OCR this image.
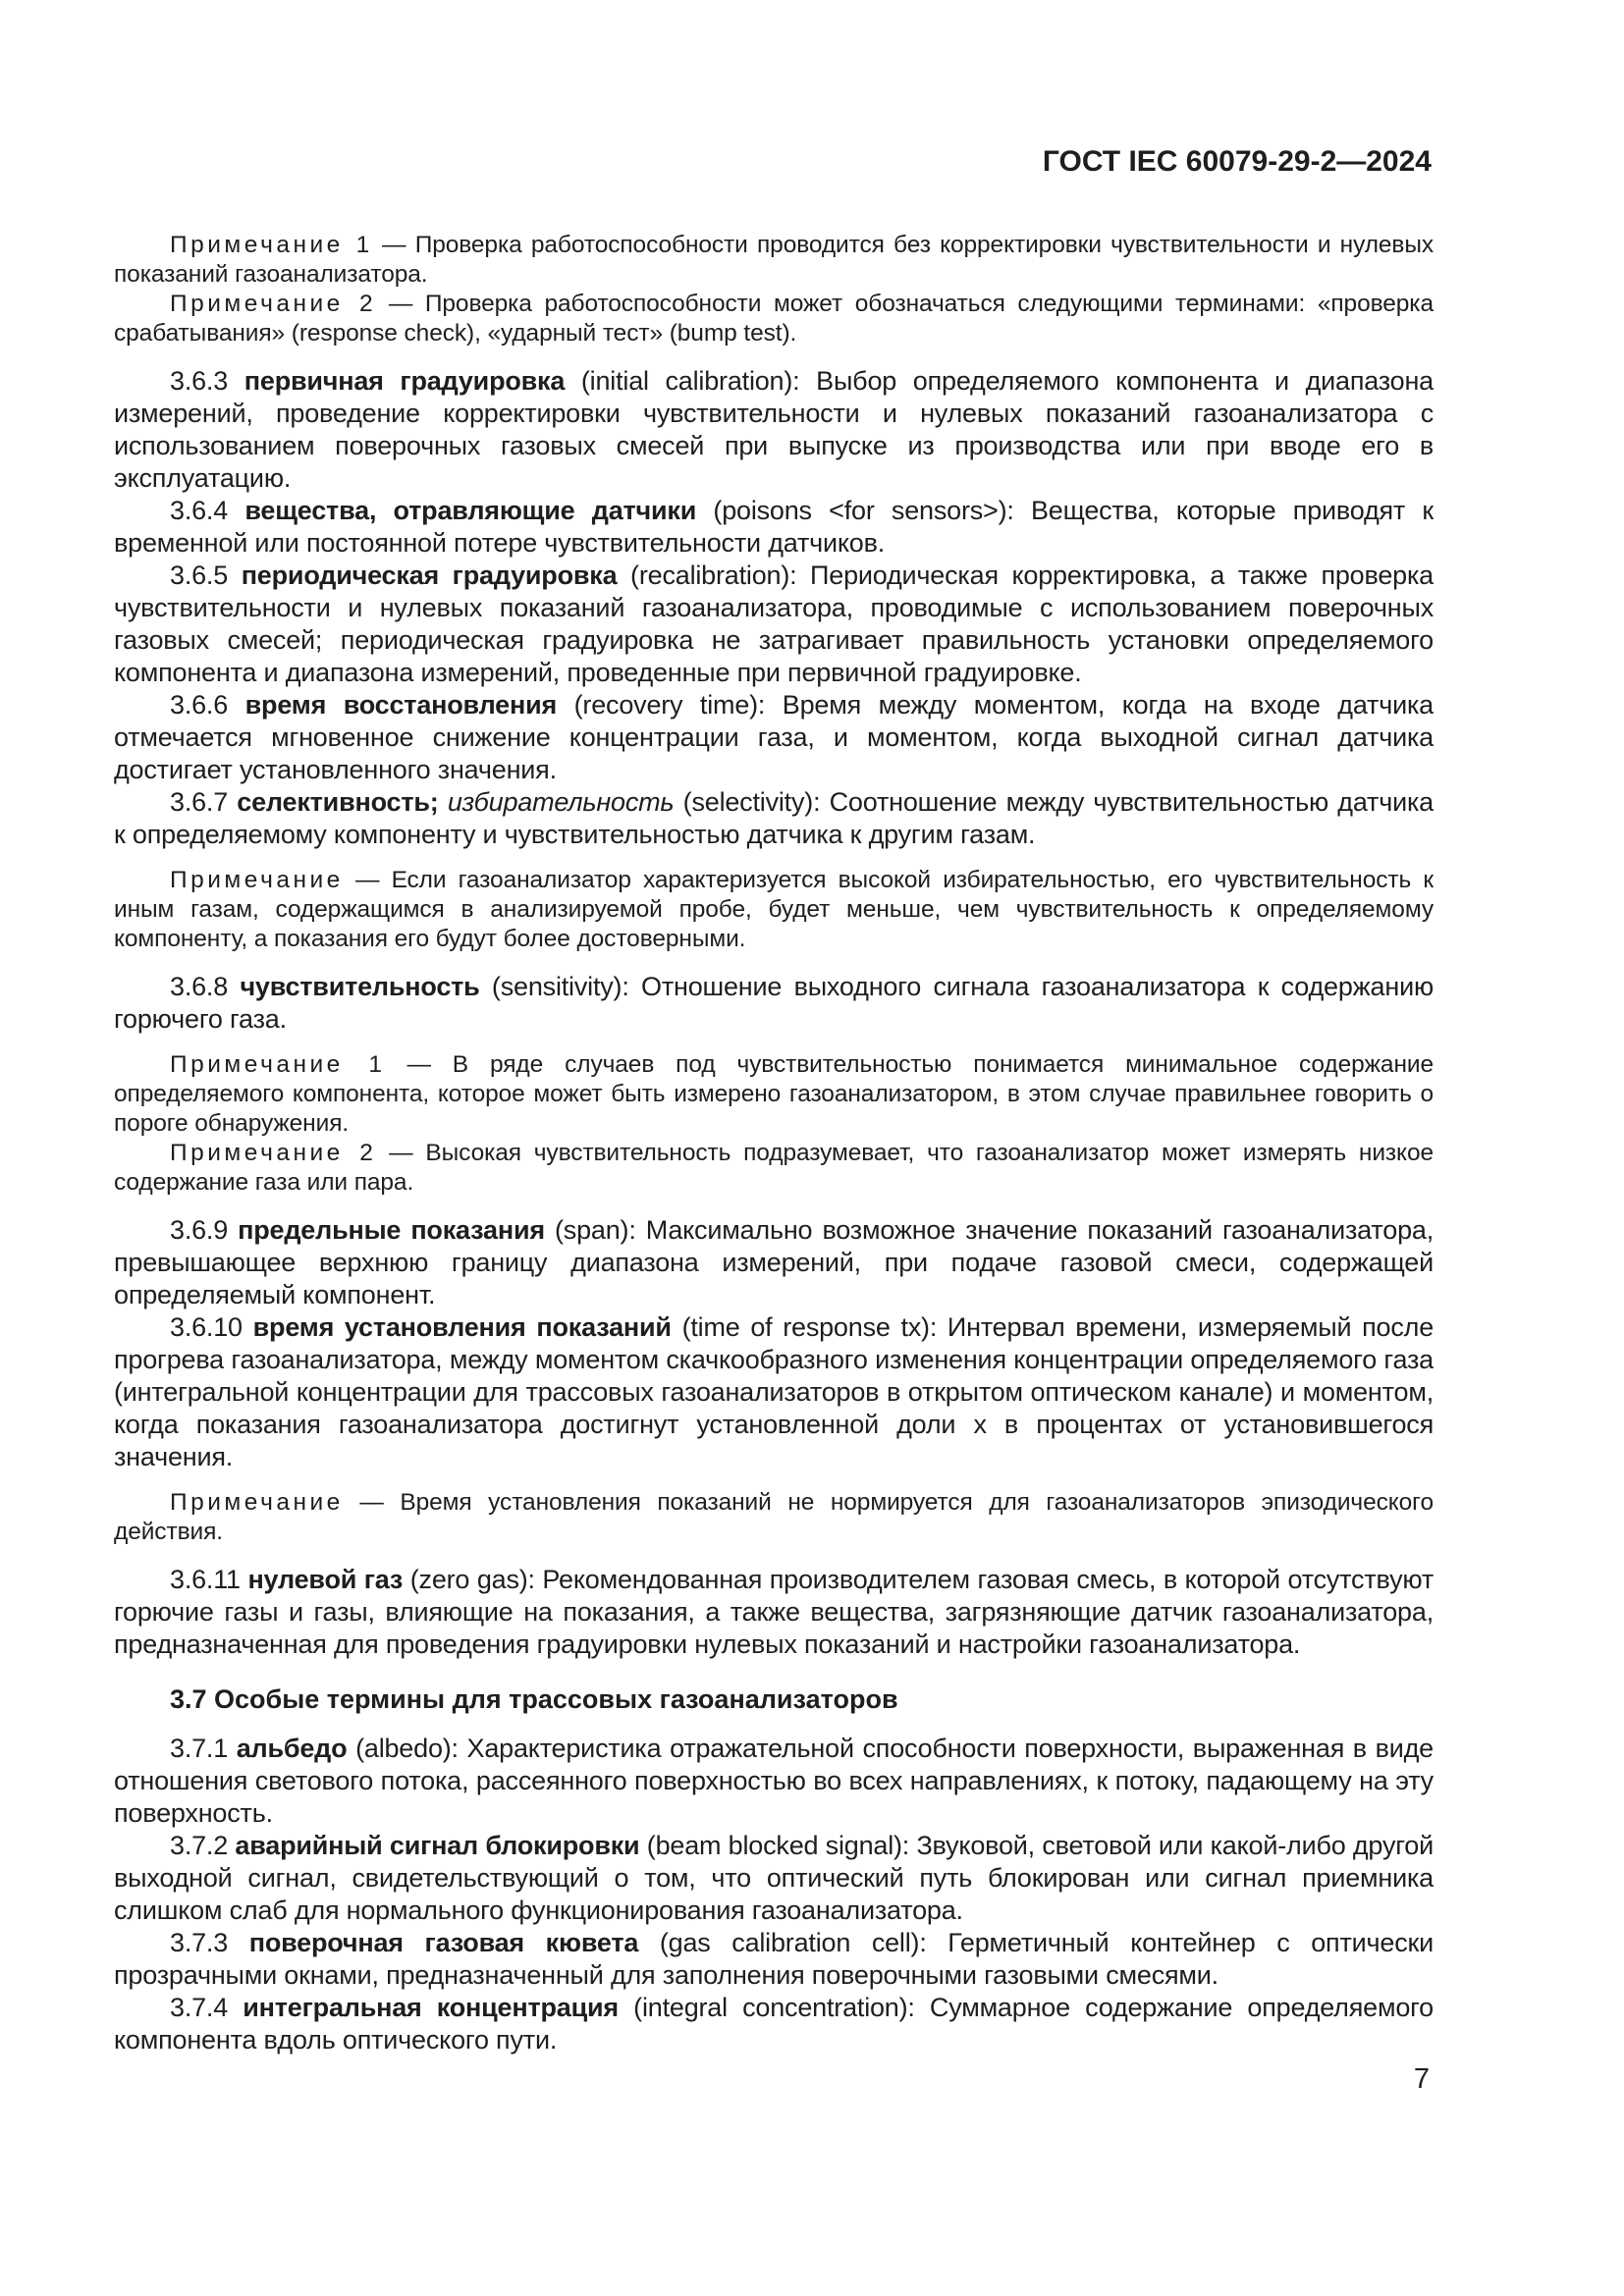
ГОСТ IEC 60079-29-2—2024

Примечание 1 — Проверка работоспособности проводится без корректировки чувствительности и нулевых показаний газоанализатора.

Примечание 2 — Проверка работоспособности может обозначаться следующими терминами: «проверка срабатывания» (response check), «ударный тест» (bump test).

3.6.3 первичная градуировка (initial calibration): Выбор определяемого компонента и диапазона измерений, проведение корректировки чувствительности и нулевых показаний газоанализатора с использованием поверочных газовых смесей при выпуске из производства или при вводе его в эксплуатацию.

3.6.4 вещества, отравляющие датчики (poisons <for sensors>): Вещества, которые приводят к временной или постоянной потере чувствительности датчиков.

3.6.5 периодическая градуировка (recalibration): Периодическая корректировка, а также проверка чувствительности и нулевых показаний газоанализатора, проводимые с использованием поверочных газовых смесей; периодическая градуировка не затрагивает правильность установки определяемого компонента и диапазона измерений, проведенные при первичной градуировке.

3.6.6 время восстановления (recovery time): Время между моментом, когда на входе датчика отмечается мгновенное снижение концентрации газа, и моментом, когда выходной сигнал датчика достигает установленного значения.

3.6.7 селективность; избирательность (selectivity): Соотношение между чувствительностью датчика к определяемому компоненту и чувствительностью датчика к другим газам.

Примечание — Если газоанализатор характеризуется высокой избирательностью, его чувствительность к иным газам, содержащимся в анализируемой пробе, будет меньше, чем чувствительность к определяемому компоненту, а показания его будут более достоверными.

3.6.8 чувствительность (sensitivity): Отношение выходного сигнала газоанализатора к содержанию горючего газа.

Примечание 1 — В ряде случаев под чувствительностью понимается минимальное содержание определяемого компонента, которое может быть измерено газоанализатором, в этом случае правильнее говорить о пороге обнаружения.

Примечание 2 — Высокая чувствительность подразумевает, что газоанализатор может измерять низкое содержание газа или пара.

3.6.9 предельные показания (span): Максимально возможное значение показаний газоанализатора, превышающее верхнюю границу диапазона измерений, при подаче газовой смеси, содержащей определяемый компонент.

3.6.10 время установления показаний (time of response tx): Интервал времени, измеряемый после прогрева газоанализатора, между моментом скачкообразного изменения концентрации определяемого газа (интегральной концентрации для трассовых газоанализаторов в открытом оптическом канале) и моментом, когда показания газоанализатора достигнут установленной доли х в процентах от установившегося значения.

Примечание — Время установления показаний не нормируется для газоанализаторов эпизодического действия.

3.6.11 нулевой газ (zero gas): Рекомендованная производителем газовая смесь, в которой отсутствуют горючие газы и газы, влияющие на показания, а также вещества, загрязняющие датчик газоанализатора, предназначенная для проведения градуировки нулевых показаний и настройки газоанализатора.

3.7 Особые термины для трассовых газоанализаторов

3.7.1 альбедо (albedo): Характеристика отражательной способности поверхности, выраженная в виде отношения светового потока, рассеянного поверхностью во всех направлениях, к потоку, падающему на эту поверхность.

3.7.2 аварийный сигнал блокировки (beam blocked signal): Звуковой, световой или какой-либо другой выходной сигнал, свидетельствующий о том, что оптический путь блокирован или сигнал приемника слишком слаб для нормального функционирования газоанализатора.

3.7.3 поверочная газовая кювета (gas calibration cell): Герметичный контейнер с оптически прозрачными окнами, предназначенный для заполнения поверочными газовыми смесями.

3.7.4 интегральная концентрация (integral concentration): Суммарное содержание определяемого компонента вдоль оптического пути.

7
